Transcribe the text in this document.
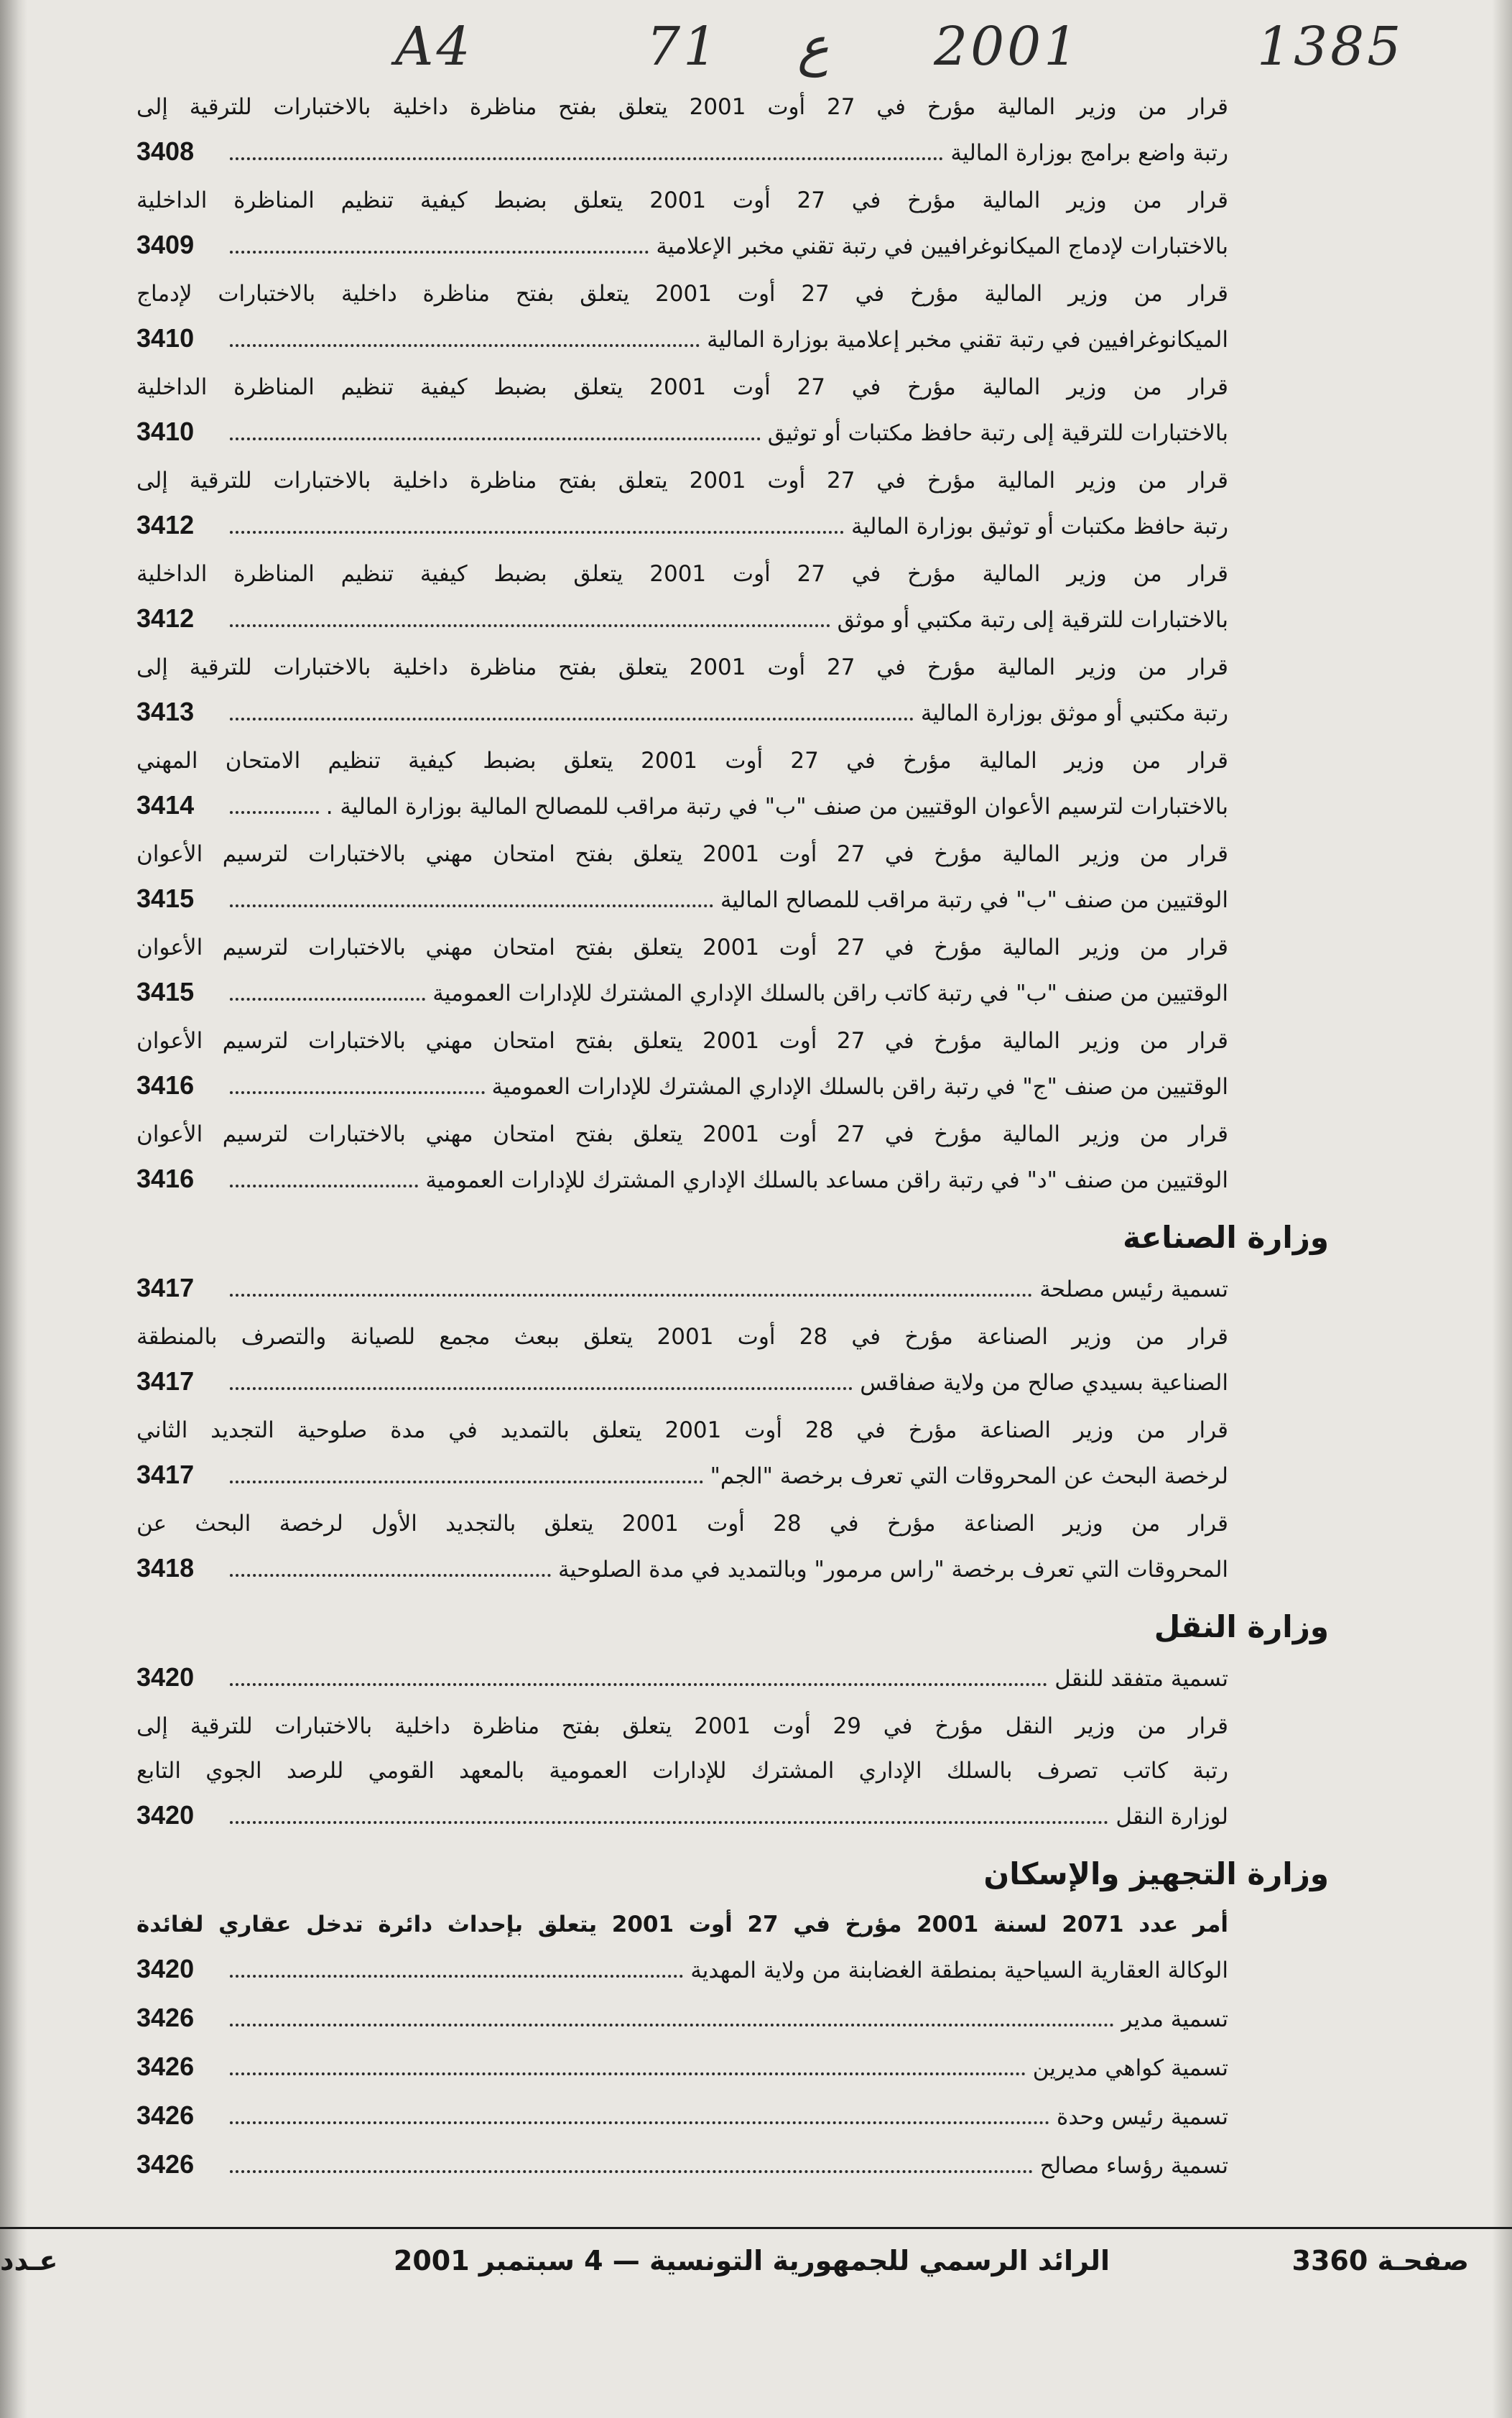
A4	71 ع 2001	1385
قرار من وزير المالية مؤرخ في 27 أوت 2001 يتعلق بفتح مناظرة داخلية بالاختبارات للترقية إلى
رتبة واضع برامج بوزارة المالية
3408
قرار من وزير المالية مؤرخ في 27 أوت 2001 يتعلق بضبط كيفية تنظيم المناظرة الداخلية
بالاختبارات لإدماج الميكانوغرافيين في رتبة تقني مخبر الإعلامية
3409
قرار من وزير المالية مؤرخ في 27 أوت 2001 يتعلق بفتح مناظرة داخلية بالاختبارات لإدماج
الميكانوغرافيين في رتبة تقني مخبر إعلامية بوزارة المالية
3410
قرار من وزير المالية مؤرخ في 27 أوت 2001 يتعلق بضبط كيفية تنظيم المناظرة الداخلية
بالاختبارات للترقية إلى رتبة حافظ مكتبات أو توثيق
3410
قرار من وزير المالية مؤرخ في 27 أوت 2001 يتعلق بفتح مناظرة داخلية بالاختبارات للترقية إلى
رتبة حافظ مكتبات أو توثيق بوزارة المالية
3412
قرار من وزير المالية مؤرخ في 27 أوت 2001 يتعلق بضبط كيفية تنظيم المناظرة الداخلية
بالاختبارات للترقية إلى رتبة مكتبي أو موثق
3412
قرار من وزير المالية مؤرخ في 27 أوت 2001 يتعلق بفتح مناظرة داخلية بالاختبارات للترقية إلى
رتبة مكتبي أو موثق بوزارة المالية
3413
قرار من وزير المالية مؤرخ في 27 أوت 2001 يتعلق بضبط كيفية تنظيم الامتحان المهني
بالاختبارات لترسيم الأعوان الوقتيين من صنف "ب" في رتبة مراقب للمصالح المالية بوزارة المالية .
3414
قرار من وزير المالية مؤرخ في 27 أوت 2001 يتعلق بفتح امتحان مهني بالاختبارات لترسيم الأعوان
الوقتيين من صنف "ب" في رتبة مراقب للمصالح المالية
3415
قرار من وزير المالية مؤرخ في 27 أوت 2001 يتعلق بفتح امتحان مهني بالاختبارات لترسيم الأعوان
الوقتيين من صنف "ب" في رتبة كاتب راقن بالسلك الإداري المشترك للإدارات العمومية
3415
قرار من وزير المالية مؤرخ في 27 أوت 2001 يتعلق بفتح امتحان مهني بالاختبارات لترسيم الأعوان
الوقتيين من صنف "ج" في رتبة راقن بالسلك الإداري المشترك للإدارات العمومية
3416
قرار من وزير المالية مؤرخ في 27 أوت 2001 يتعلق بفتح امتحان مهني بالاختبارات لترسيم الأعوان
الوقتيين من صنف "د" في رتبة راقن مساعد بالسلك الإداري المشترك للإدارات العمومية
3416
وزارة الصناعة
تسمية رئيس مصلحة
3417
قرار من وزير الصناعة مؤرخ في 28 أوت 2001 يتعلق ببعث مجمع للصيانة والتصرف بالمنطقة
الصناعية بسيدي صالح من ولاية صفاقس
3417
قرار من وزير الصناعة مؤرخ في 28 أوت 2001 يتعلق بالتمديد في مدة صلوحية التجديد الثاني
لرخصة البحث عن المحروقات التي تعرف برخصة "الجم"
3417
قرار من وزير الصناعة مؤرخ في 28 أوت 2001 يتعلق بالتجديد الأول لرخصة البحث عن
المحروقات التي تعرف برخصة "راس مرمور" وبالتمديد في مدة الصلوحية
3418
وزارة النقل
تسمية متفقد للنقل
3420
قرار من وزير النقل مؤرخ في 29 أوت 2001 يتعلق بفتح مناظرة داخلية بالاختبارات للترقية إلى
رتبة كاتب تصرف بالسلك الإداري المشترك للإدارات العمومية بالمعهد القومي للرصد الجوي التابع
لوزارة النقل
3420
وزارة التجهيز والإسكان
أمر عدد 2071 لسنة 2001 مؤرخ في 27 أوت 2001 يتعلق بإحداث دائرة تدخل عقاري لفائدة
الوكالة العقارية السياحية بمنطقة الغضابنة من ولاية المهدية
3420
تسمية مدير
3426
تسمية كواهي مديرين
3426
تسمية رئيس وحدة
3426
تسمية رؤساء مصالح
3426
صفحـة 3360
الرائد الرسمي للجمهورية التونسية — 4 سبتمبر 2001
عـدد
